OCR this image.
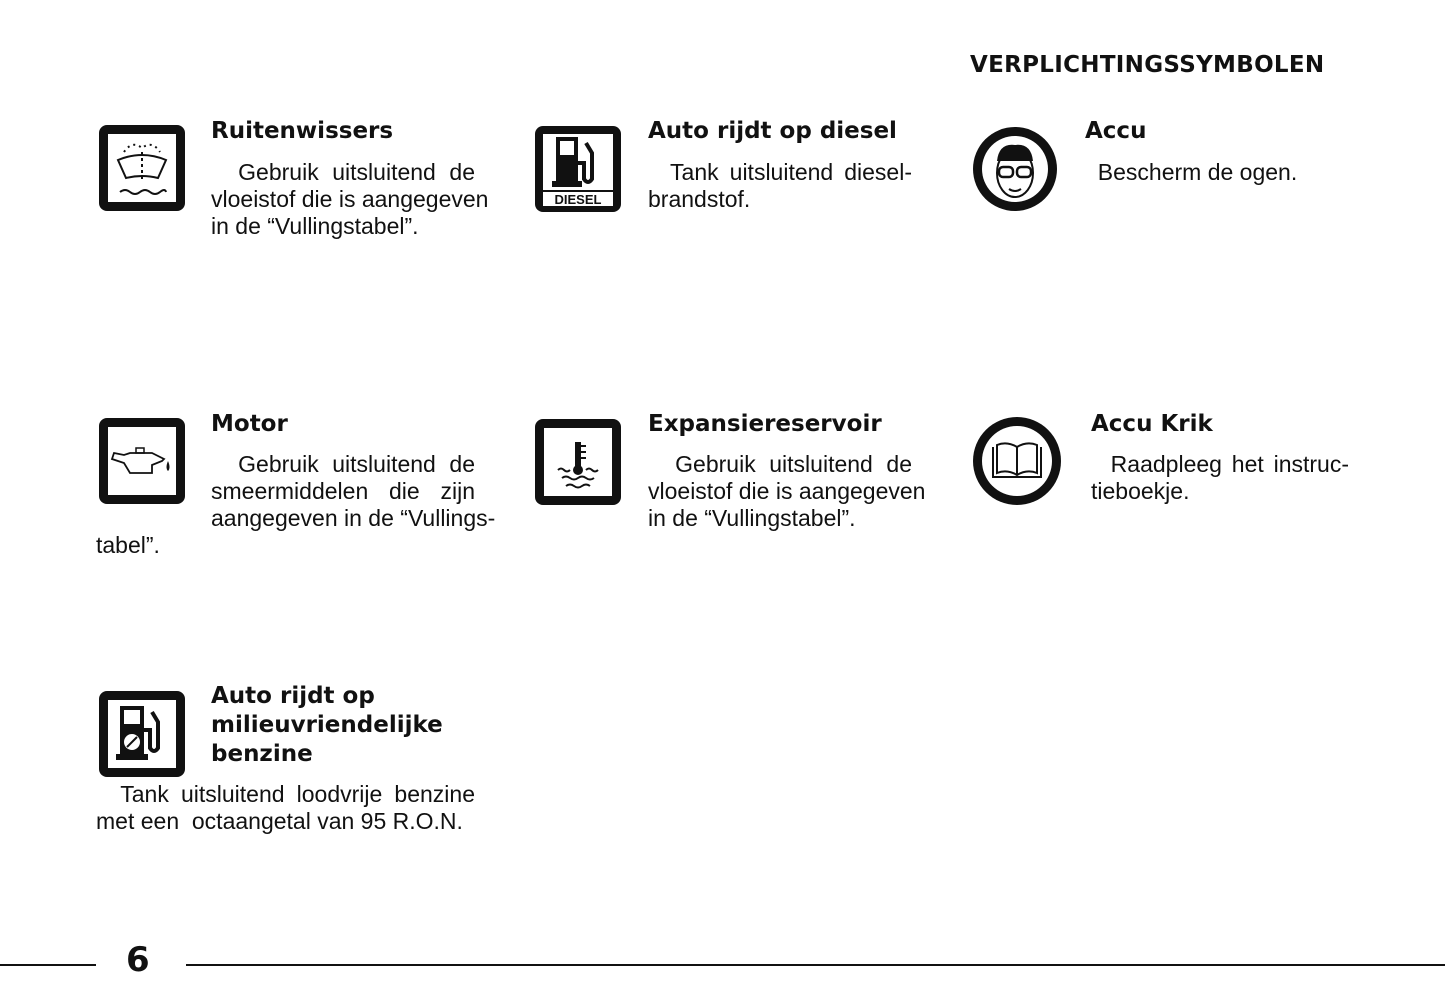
VERPLICHTINGSSYMBOLEN
Ruitenwissers
Gebruik uitsluitend de
vloeistof die is aangegeven
in de “Vullingstabel”.
DIESEL
Auto rijdt op diesel
Tank uitsluitend diesel-
brandstof.
Accu
Bescherm de ogen.
Motor
Gebruik uitsluitend de
smeermiddelen die zijn
aangegeven in de “Vullings-
tabel”.
Expansiereservoir
Gebruik uitsluitend de
vloeistof die is aangegeven
in de “Vullingstabel”.
Accu Krik
Raadpleeg het instruc-
tieboekje.
Auto rijdt op
milieuvriendelijke
benzine
Tank uitsluitend loodvrije benzine
met een  octaangetal van 95 R.O.N.
6
